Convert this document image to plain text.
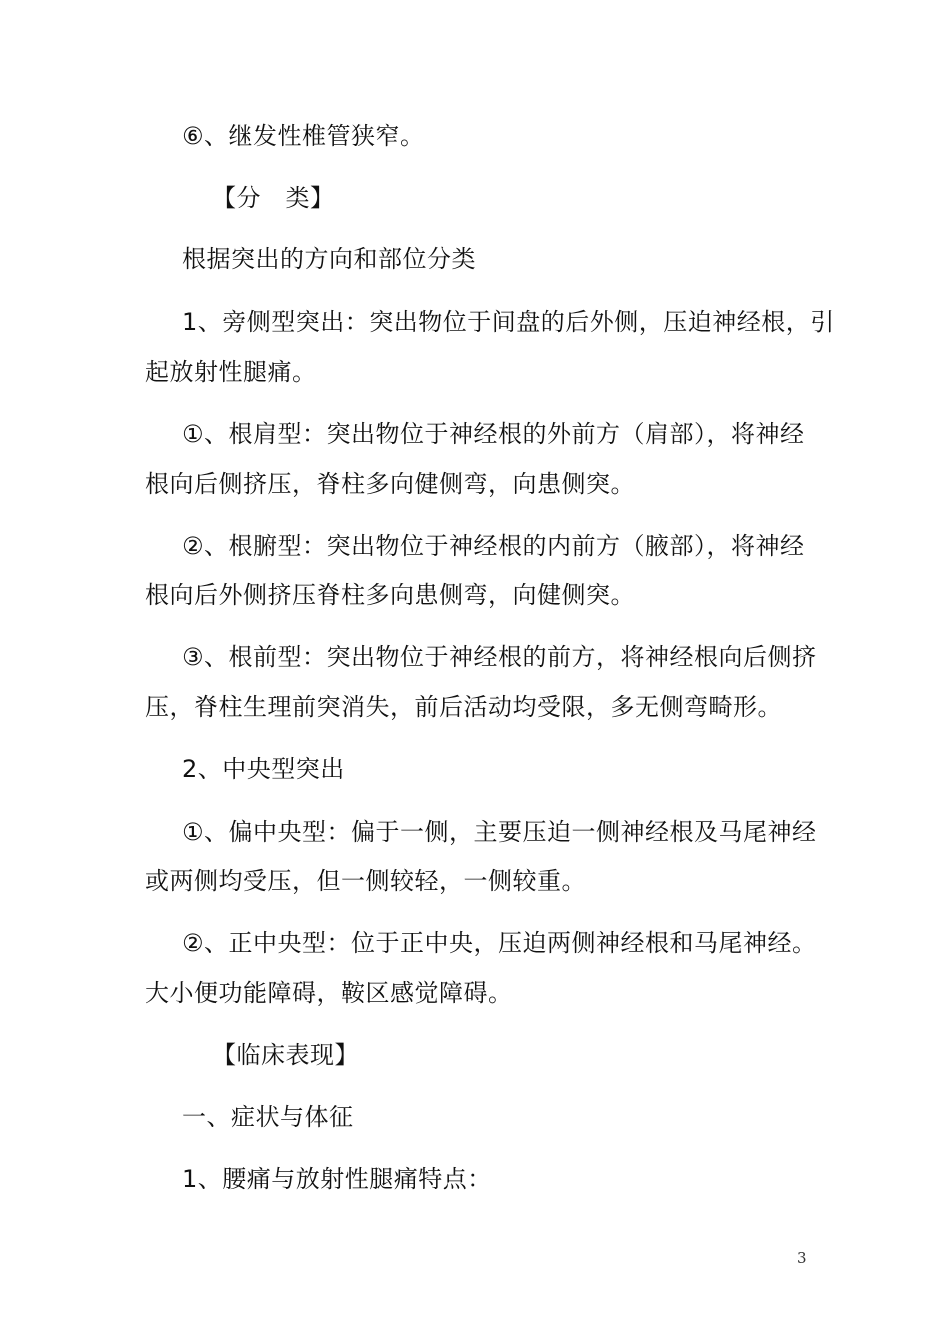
⑥、继发性椎管狭窄。
【分　类】
根据突出的方向和部位分类
1、旁侧型突出：突出物位于间盘的后外侧，压迫神经根，引
起放射性腿痛。
①、根肩型：突出物位于神经根的外前方（肩部），将神经
根向后侧挤压，脊柱多向健侧弯，向患侧突。
②、根腑型：突出物位于神经根的内前方（腋部），将神经
根向后外侧挤压脊柱多向患侧弯，向健侧突。
③、根前型：突出物位于神经根的前方，将神经根向后侧挤
压，脊柱生理前突消失，前后活动均受限，多无侧弯畸形。
2、中央型突出
①、偏中央型：偏于一侧，主要压迫一侧神经根及马尾神经
或两侧均受压，但一侧较轻，一侧较重。
②、正中央型：位于正中央，压迫两侧神经根和马尾神经。
大小便功能障碍，鞍区感觉障碍。
【临床表现】
一、症状与体征
1、腰痛与放射性腿痛特点：
3
